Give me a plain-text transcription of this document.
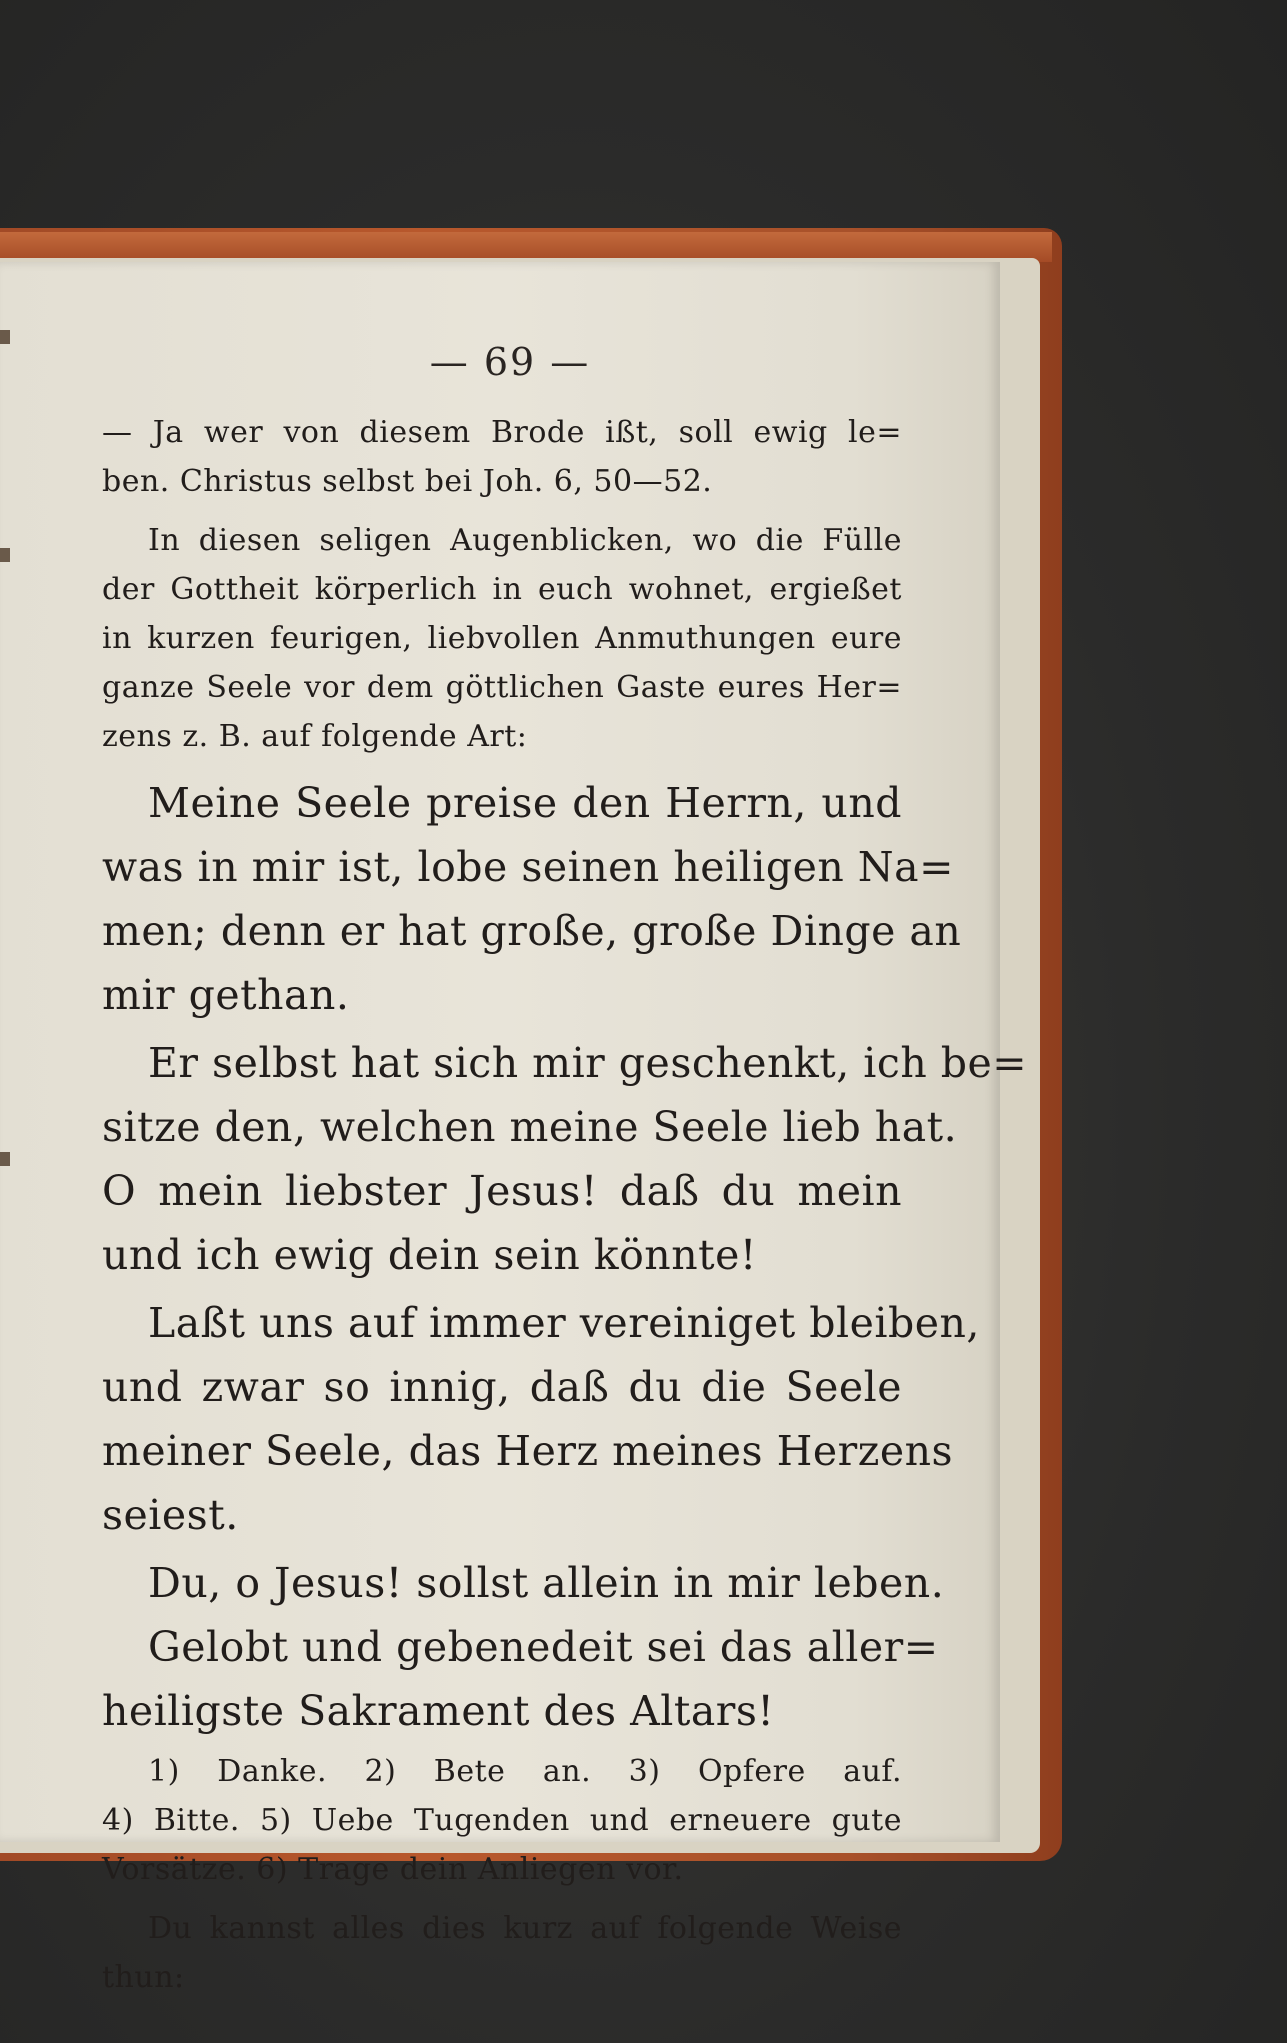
— 69 —
— Ja wer von diesem Brode ißt, soll ewig le=
ben. Christus selbst bei Joh. 6, 50—52.
In diesen seligen Augenblicken, wo die Fülle
der Gottheit körperlich in euch wohnet, ergießet
in kurzen feurigen, liebvollen Anmuthungen eure
ganze Seele vor dem göttlichen Gaste eures Her=
zens z. B. auf folgende Art:
Meine Seele preise den Herrn, und
was in mir ist, lobe seinen heiligen Na=
men; denn er hat große, große Dinge an
mir gethan.
Er selbst hat sich mir geschenkt, ich be=
sitze den, welchen meine Seele lieb hat.
O mein liebster Jesus! daß du mein
und ich ewig dein sein könnte!
Laßt uns auf immer vereiniget bleiben,
und zwar so innig, daß du die Seele
meiner Seele, das Herz meines Herzens
seiest.
Du, o Jesus! sollst allein in mir leben.
Gelobt und gebenedeit sei das aller=
heiligste Sakrament des Altars!
1) Danke. 2) Bete an. 3) Opfere auf.
4) Bitte. 5) Uebe Tugenden und erneuere gute
Vorsätze. 6) Trage dein Anliegen vor.
Du kannst alles dies kurz auf folgende Weise
thun:
